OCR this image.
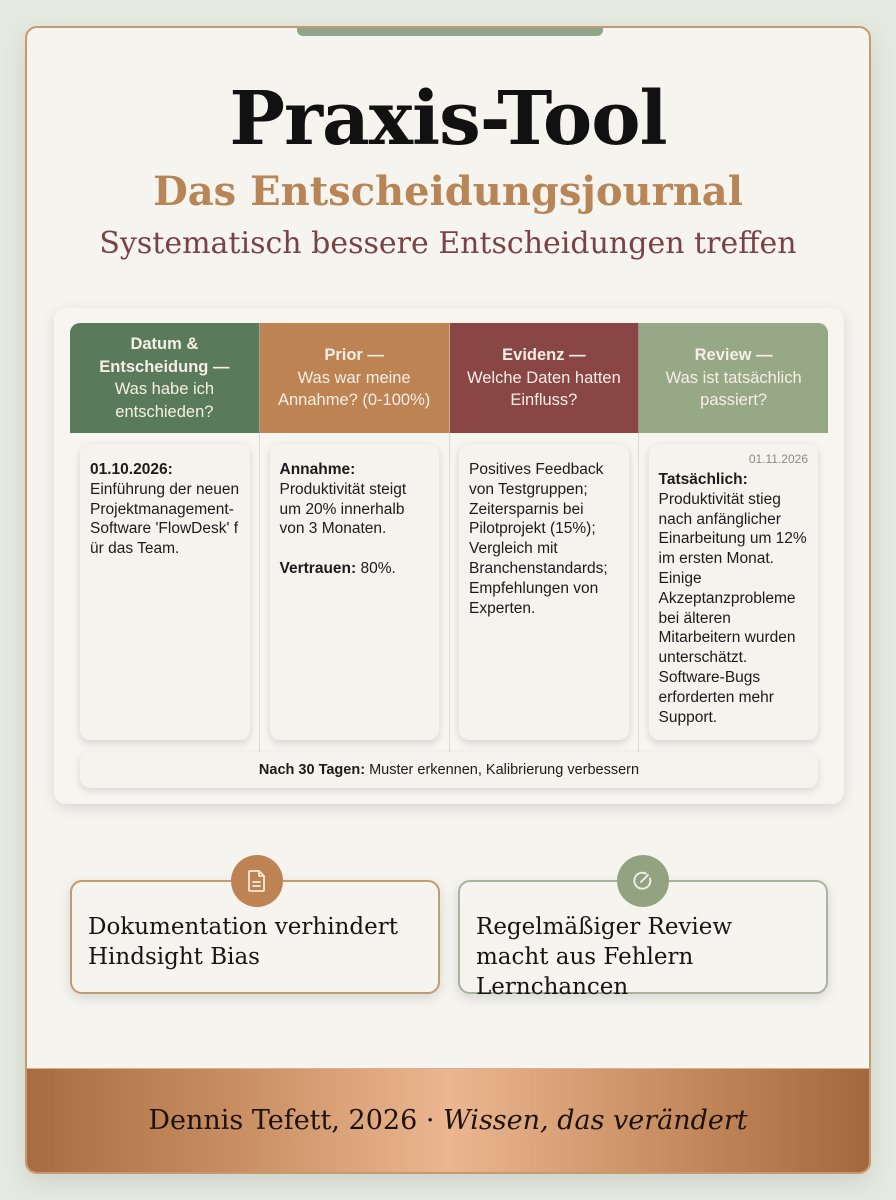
Praxis-Tool
Das Entscheidungsjournal
Systematisch bessere Entscheidungen treffen
Datum & Entscheidung —
Was habe ich entschieden?
Prior —
Was war meine Annahme? (0-100%)
Evidenz —
Welche Daten hatten Einfluss?
Review —
Was ist tatsächlich passiert?
01.10.2026:
Einführung der neuen Projektmanagement-Software 'FlowDesk' für das Team.
Annahme:
Produktivität steigt um 20% innerhalb von 3 Monaten.
Vertrauen: 80%.
Positives Feedback von Testgruppen; Zeitersparnis bei Pilotprojekt (15%); Vergleich mit Branchenstandards; Empfehlungen von Experten.
01.11.2026
Tatsächlich:
Produktivität stieg nach anfänglicher Einarbeitung um 12% im ersten Monat. Einige Akzeptanzprobleme bei älteren Mitarbeitern wurden unterschätzt. Software-Bugs erforderten mehr Support.
Nach 30 Tagen: Muster erkennen, Kalibrierung verbessern
Dokumentation verhindert Hindsight Bias
Regelmäßiger Review macht aus Fehlern Lernchancen
Dennis Tefett, 2026 ·
Wissen, das verändert
